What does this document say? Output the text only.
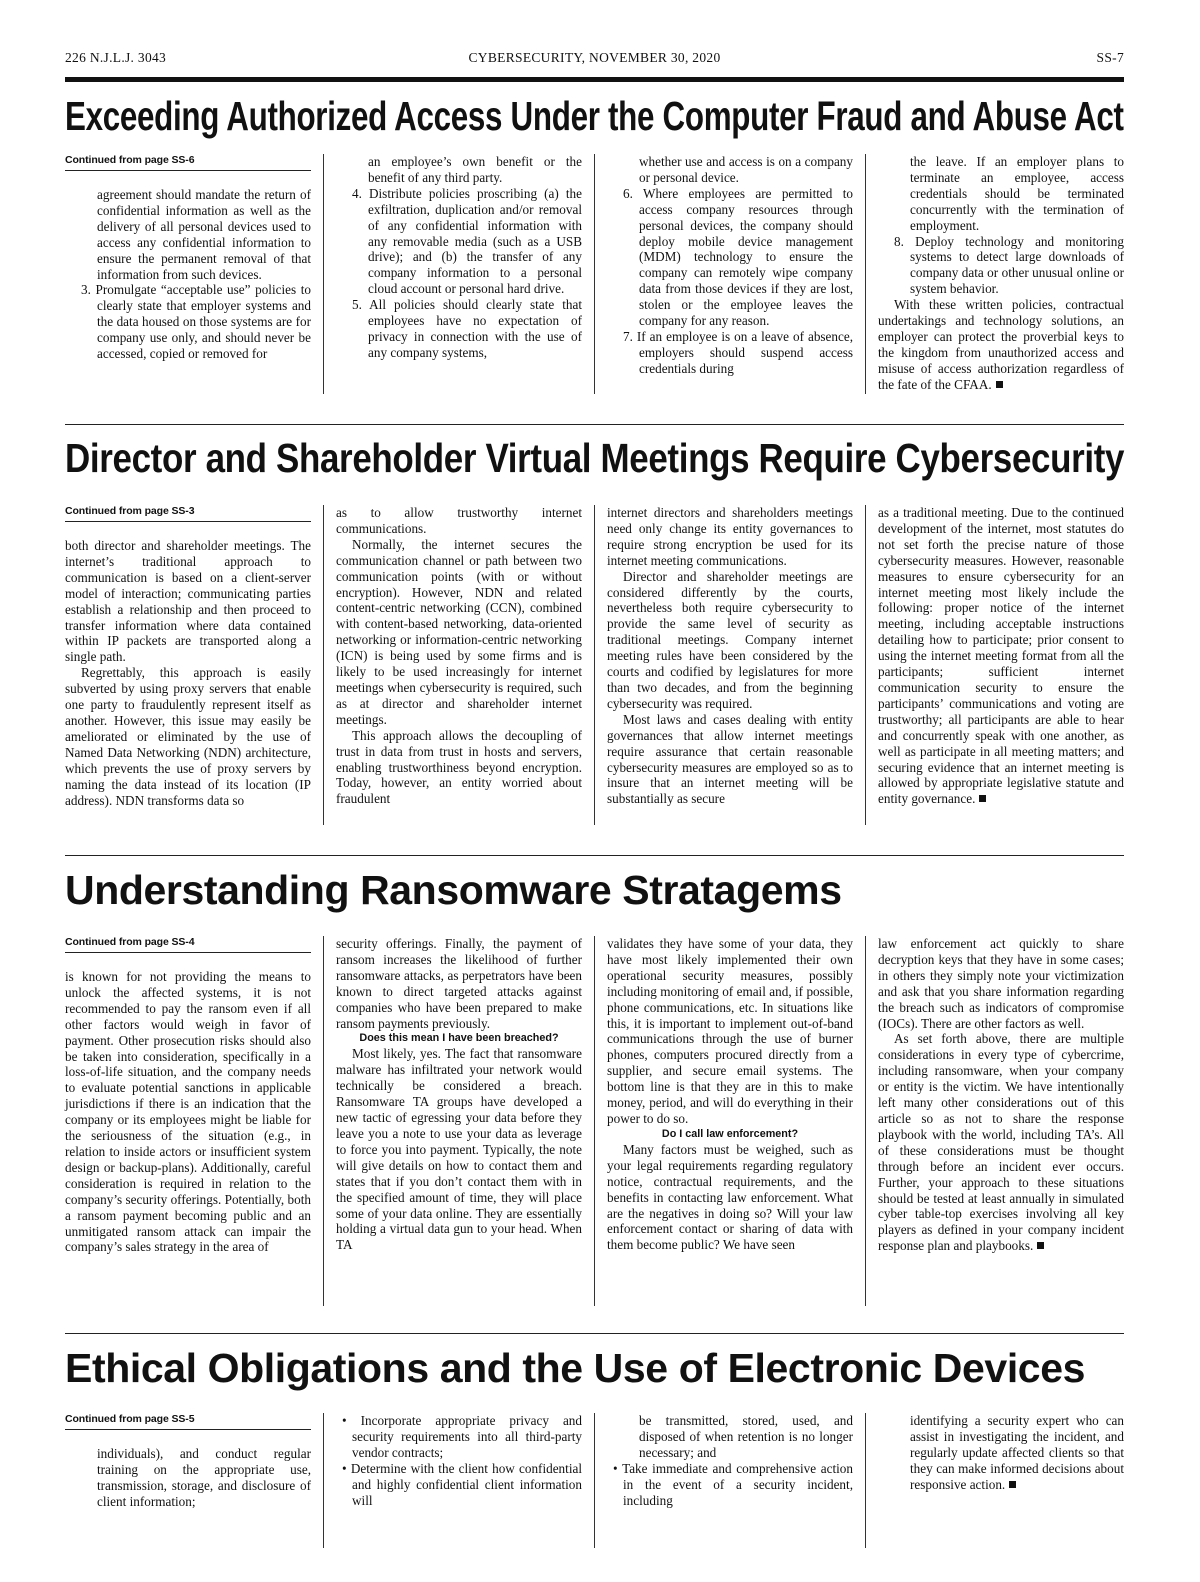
226 N.J.L.J. 3043	CYBERSECURITY, NOVEMBER 30, 2020	SS-7
Exceeding Authorized Access Under the Computer Fraud and Abuse Act
Continued from page SS-6

agreement should mandate the return of confidential information as well as the delivery of all personal devices used to access any confidential information to ensure the permanent removal of that information from such devices.

3. Promulgate “acceptable use” policies to clearly state that employer systems and the data housed on those systems are for company use only, and should never be accessed, copied or removed for

an employee’s own benefit or the benefit of any third party.

4. Distribute policies proscribing (a) the exfiltration, duplication and/or removal of any confidential information with any removable media (such as a USB drive); and (b) the transfer of any company information to a personal cloud account or personal hard drive.

5. All policies should clearly state that employees have no expectation of privacy in connection with the use of any company systems,

whether use and access is on a company or personal device.

6. Where employees are permitted to access company resources through personal devices, the company should deploy mobile device management (MDM) technology to ensure the company can remotely wipe company data from those devices if they are lost, stolen or the employee leaves the company for any reason.

7. If an employee is on a leave of absence, employers should suspend access credentials during

the leave. If an employer plans to terminate an employee, access credentials should be terminated concurrently with the termination of employment.

8. Deploy technology and monitoring systems to detect large downloads of company data or other unusual online or system behavior.

With these written policies, contractual undertakings and technology solutions, an employer can protect the proverbial keys to the kingdom from unauthorized access and misuse of access authorization regardless of the fate of the CFAA.

Director and Shareholder Virtual Meetings Require Cybersecurity
Continued from page SS-3

both director and shareholder meetings. The internet’s traditional approach to communication is based on a client-server model of interaction; communicating parties establish a relationship and then proceed to transfer information where data contained within IP packets are transported along a single path.

Regrettably, this approach is easily subverted by using proxy servers that enable one party to fraudulently represent itself as another. However, this issue may easily be ameliorated or eliminated by the use of Named Data Networking (NDN) architecture, which prevents the use of proxy servers by naming the data instead of its location (IP address). NDN transforms data so

as to allow trustworthy internet communications.

Normally, the internet secures the communication channel or path between two communication points (with or without encryption). However, NDN and related content-centric networking (CCN), combined with content-based networking, data-oriented networking or information-centric networking (ICN) is being used by some firms and is likely to be used increasingly for internet meetings when cybersecurity is required, such as at director and shareholder internet meetings.

This approach allows the decoupling of trust in data from trust in hosts and servers, enabling trustworthiness beyond encryption. Today, however, an entity worried about fraudulent

internet directors and shareholders meetings need only change its entity governances to require strong encryption be used for its internet meeting communications.

Director and shareholder meetings are considered differently by the courts, nevertheless both require cybersecurity to provide the same level of security as traditional meetings. Company internet meeting rules have been considered by the courts and codified by legislatures for more than two decades, and from the beginning cybersecurity was required.

Most laws and cases dealing with entity governances that allow internet meetings require assurance that certain reasonable cybersecurity measures are employed so as to insure that an internet meeting will be substantially as secure

as a traditional meeting. Due to the continued development of the internet, most statutes do not set forth the precise nature of those cybersecurity measures. However, reasonable measures to ensure cybersecurity for an internet meeting most likely include the following: proper notice of the internet meeting, including acceptable instructions detailing how to participate; prior consent to using the internet meeting format from all the participants; sufficient internet communication security to ensure the participants’ communications and voting are trustworthy; all participants are able to hear and concurrently speak with one another, as well as participate in all meeting matters; and securing evidence that an internet meeting is allowed by appropriate legislative statute and entity governance.

Understanding Ransomware Stratagems
Continued from page SS-4

is known for not providing the means to unlock the affected systems, it is not recommended to pay the ransom even if all other factors would weigh in favor of payment. Other prosecution risks should also be taken into consideration, specifically in a loss-of-life situation, and the company needs to evaluate potential sanctions in applicable jurisdictions if there is an indication that the company or its employees might be liable for the seriousness of the situation (e.g., in relation to inside actors or insufficient system design or backup-plans). Additionally, careful consideration is required in relation to the company’s security offerings. Potentially, both a ransom payment becoming public and an unmitigated ransom attack can impair the company’s sales strategy in the area of

security offerings. Finally, the payment of ransom increases the likelihood of further ransomware attacks, as perpetrators have been known to direct targeted attacks against companies who have been prepared to make ransom payments previously.

Does this mean I have been breached?

Most likely, yes. The fact that ransomware malware has infiltrated your network would technically be considered a breach. Ransomware TA groups have developed a new tactic of egressing your data before they leave you a note to use your data as leverage to force you into payment. Typically, the note will give details on how to contact them and states that if you don’t contact them with in the specified amount of time, they will place some of your data online. They are essentially holding a virtual data gun to your head. When TA

validates they have some of your data, they have most likely implemented their own operational security measures, possibly including monitoring of email and, if possible, phone communications, etc. In situations like this, it is important to implement out-of-band communications through the use of burner phones, computers procured directly from a supplier, and secure email systems. The bottom line is that they are in this to make money, period, and will do everything in their power to do so.

Do I call law enforcement?

Many factors must be weighed, such as your legal requirements regarding regulatory notice, contractual requirements, and the benefits in contacting law enforcement. What are the negatives in doing so? Will your law enforcement contact or sharing of data with them become public? We have seen

law enforcement act quickly to share decryption keys that they have in some cases; in others they simply note your victimization and ask that you share information regarding the breach such as indicators of compromise (IOCs). There are other factors as well.

As set forth above, there are multiple considerations in every type of cybercrime, including ransomware, when your company or entity is the victim. We have intentionally left many other considerations out of this article so as not to share the response playbook with the world, including TA’s. All of these considerations must be thought through before an incident ever occurs. Further, your approach to these situations should be tested at least annually in simulated cyber table-top exercises involving all key players as defined in your company incident response plan and playbooks.

Ethical Obligations and the Use of Electronic Devices
Continued from page SS-5

individuals), and conduct regular training on the appropriate use, transmission, storage, and disclosure of client information;

• Incorporate appropriate privacy and security requirements into all third-party vendor contracts;

• Determine with the client how confidential and highly confidential client information will

be transmitted, stored, used, and disposed of when retention is no longer necessary; and

• Take immediate and comprehensive action in the event of a security incident, including

identifying a security expert who can assist in investigating the incident, and regularly update affected clients so that they can make informed decisions about responsive action.
